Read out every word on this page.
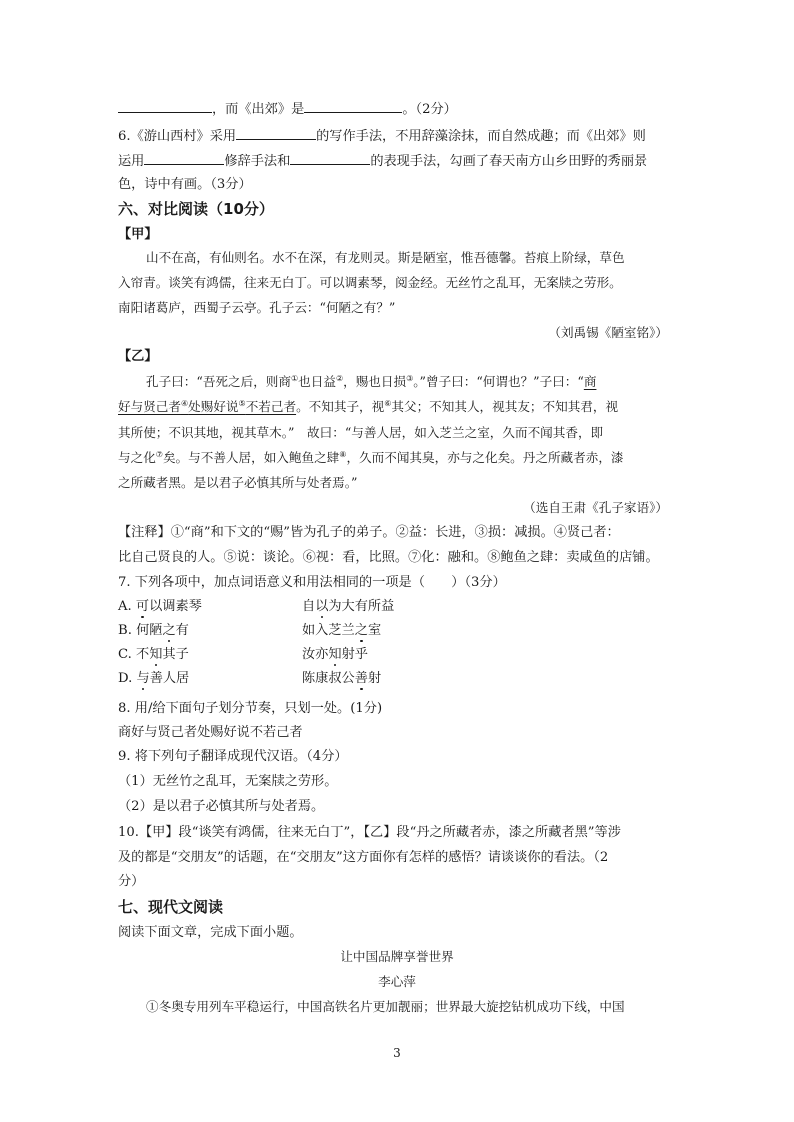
，而《出郊》是	。（2分）
6.《游山西村》采用	的写作手法，不用辞藻涂抹，而自然成趣；而《出郊》则
运用	修辞手法和	的表现手法，勾画了春天南方山乡田野的秀丽景
色，诗中有画。（3分）
六、对比阅读（10分）
【甲】
山不在高，有仙则名。水不在深，有龙则灵。斯是陋室，惟吾德馨。苔痕上阶绿，草色
入帘青。谈笑有鸿儒，往来无白丁。可以调素琴，阅金经。无丝竹之乱耳，无案牍之劳形。
南阳诸葛庐，西蜀子云亭。孔子云：“何陋之有？”
（刘禹锡《陋室铭》）
【乙】
孔子曰：“吾死之后，则商①也日益②，赐也日损③。”曾子曰：“何谓也？”子曰：“商
好与贤己者④处赐好说⑤不若己者。不知其子，视⑥其父；不知其人，视其友；不知其君，视
其所使；不识其地，视其草木。”　故曰：“与善人居，如入芝兰之室，久而不闻其香，即
与之化⑦矣。与不善人居，如入鲍鱼之肆⑧，久而不闻其臭，亦与之化矣。丹之所藏者赤，漆
之所藏者黑。是以君子必慎其所与处者焉。”
（选自王肃《孔子家语》）
【注释】①“商”和下文的“赐”皆为孔子的弟子。②益：长进，③损：减损。④贤己者：
比自己贤良的人。⑤说：谈论。⑥视：看，比照。⑦化：融和。⑧鲍鱼之肆：卖咸鱼的店铺。
7. 下列各项中，加点词语意义和用法相同的一项是（　　）（3分）
A. 可以调素琴	自以为大有所益
B. 何陋之有	如入芝兰之室
C. 不知其子	汝亦知射乎
D. 与善人居	陈康叔公善射
8. 用/给下面句子划分节奏，只划一处。(1分)
商好与贤己者处赐好说不若己者
9. 将下列句子翻译成现代汉语。（4分）
（1）无丝竹之乱耳，无案牍之劳形。
（2）是以君子必慎其所与处者焉。
10.【甲】段“谈笑有鸿儒，往来无白丁”，【乙】段“丹之所藏者赤，漆之所藏者黑”等涉
及的都是“交朋友”的话题，在“交朋友”这方面你有怎样的感悟？请谈谈你的看法。（2
分）
七、现代文阅读
阅读下面文章，完成下面小题。
让中国品牌享誉世界
李心萍
①冬奥专用列车平稳运行，中国高铁名片更加靓丽；世界最大旋挖钻机成功下线，中国
3
